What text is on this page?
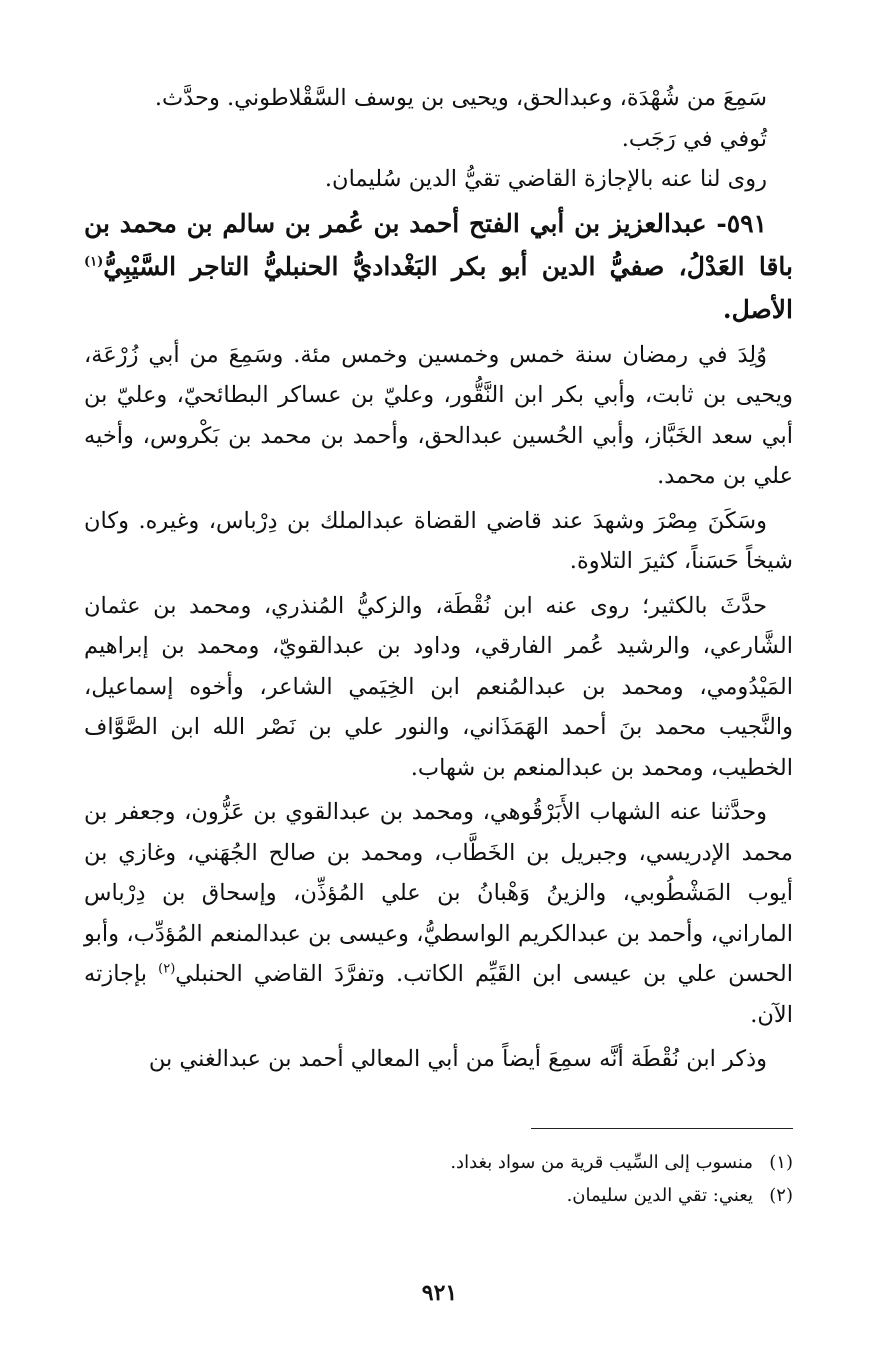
سَمِعَ من شُهْدَة، وعبدالحق، ويحيى بن يوسف السَّقْلاطوني. وحدَّث.

تُوفي في رَجَب.

روى لنا عنه بالإجازة القاضي تقيُّ الدين سُليمان.

٥٩١- عبدالعزيز بن أبي الفتح أحمد بن عُمر بن سالم بن محمد بن باقا العَدْلُ، صفيُّ الدين أبو بكر البَغْداديُّ الحنبليُّ التاجر السَّيْبِيُّ$^{(١)}$ الأصل.

وُلِدَ في رمضان سنة خمس وخمسين وخمس مئة. وسَمِعَ من أبي زُرْعَة، ويحيى بن ثابت، وأبي بكر ابن النَّقُّور، وعليّ بن عساكر البطائحيّ، وعليّ بن أبي سعد الخَبَّاز، وأبي الحُسين عبدالحق، وأحمد بن محمد بن بَكْروس، وأخيه علي بن محمد.

وسَكَنَ مِصْرَ وشهدَ عند قاضي القضاة عبدالملك بن دِرْباس، وغيره. وكان شيخاً حَسَناً، كثيرَ التلاوة.

حدَّثَ بالكثير؛ روى عنه ابن نُقْطَة، والزكيُّ المُنذري، ومحمد بن عثمان الشَّارعي، والرشيد عُمر الفارقي، وداود بن عبدالقويّ، ومحمد بن إبراهيم المَيْدُومي، ومحمد بن عبدالمُنعم ابن الخِيَمي الشاعر، وأخوه إسماعيل، والنَّجيب محمد بنَ أحمد الهَمَذَاني، والنور علي بن نَصْر الله ابن الصَّوَّاف الخطيب، ومحمد بن عبدالمنعم بن شهاب.

وحدَّثنا عنه الشهاب الأَبَرْقُوهي، ومحمد بن عبدالقوي بن عَزُّون، وجعفر بن محمد الإدريسي، وجبريل بن الخَطَّاب، ومحمد بن صالح الجُهَني، وغازي بن أيوب المَشْطُوبي، والزينُ وَهْبانُ بن علي المُؤذِّن، وإسحاق بن دِرْباس الماراني، وأحمد بن عبدالكريم الواسطيُّ، وعيسى بن عبدالمنعم المُؤدِّب، وأبو الحسن علي بن عيسى ابن القَيِّم الكاتب. وتفرَّدَ القاضي الحنبلي$^{(٢)}$ بإجازته الآن.

وذكر ابن نُقْطَة أنَّه سمِعَ أيضاً من أبي المعالي أحمد بن عبدالغني بن

(١)
منسوب إلى السِّيب قرية من سواد بغداد.
(٢)
يعني: تقي الدين سليمان.
٩٢١
